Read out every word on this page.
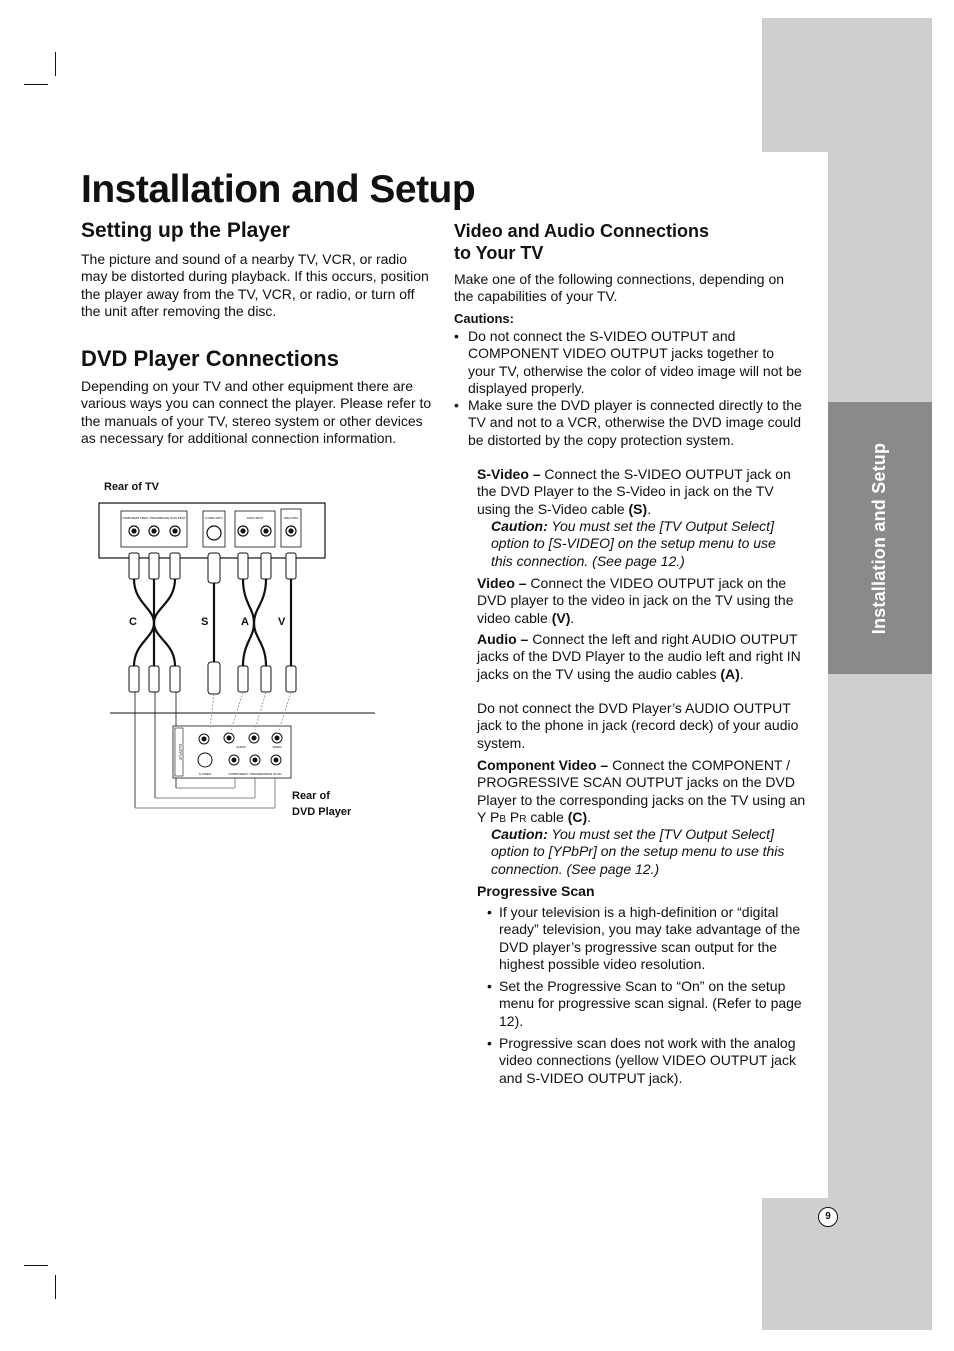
Installation and Setup
9
Installation and Setup
Setting up the Player

The picture and sound of a nearby TV, VCR, or radio may be distorted during playback. If this occurs, position the player away from the TV, VCR, or radio, or turn off the unit after removing the disc.

DVD Player Connections

Depending on your TV and other equipment there are various ways you can connect the player. Please refer to the manuals of your TV, stereo system or other devices as necessary for additional connection information.

Rear of TV
Rear of
DVD Player
C	S	A	V
COMPONENT VIDEO / PROGRESSIVE SCAN INPUT	S-VIDEO INPUT	AUDIO INPUT	VIDEO INPUT
OUTPUT
S-VIDEO
AUDIO	VIDEO
COMPONENT / PROGRESSIVE SCAN
Video and Audio Connections
to Your TV

Make one of the following connections, depending on the capabilities of your TV.

Cautions:
• Do not connect the S-VIDEO OUTPUT and COMPONENT VIDEO OUTPUT jacks together to your TV, otherwise the color of video image will not be displayed properly.
• Make sure the DVD player is connected directly to the TV and not to a VCR, otherwise the DVD image could be distorted by the copy protection system.
S-Video – Connect the S-VIDEO OUTPUT jack on the DVD Player to the S-Video in jack on the TV using the S-Video cable (S).
Caution: You must set the [TV Output Select] option to [S-VIDEO] on the setup menu to use this connection. (See page 12.)
Video – Connect the VIDEO OUTPUT jack on the DVD player to the video in jack on the TV using the video cable (V).
Audio – Connect the left and right AUDIO OUTPUT jacks of the DVD Player to the audio left and right IN jacks on the TV using the audio cables (A).
Do not connect the DVD Player’s AUDIO OUTPUT jack to the phone in jack (record deck) of your audio system.
Component Video – Connect the COMPONENT / PROGRESSIVE SCAN OUTPUT jacks on the DVD Player to the corresponding jacks on the TV using an Y PB PR cable (C).
Caution: You must set the [TV Output Select] option to [YPbPr] on the setup menu to use this connection. (See page 12.)
Progressive Scan
• If your television is a high-definition or “digital ready” television, you may take advantage of the DVD player’s progressive scan output for the highest possible video resolution.
• Set the Progressive Scan to “On” on the setup menu for progressive scan signal. (Refer to page 12).
• Progressive scan does not work with the analog video connections (yellow VIDEO OUTPUT jack and S-VIDEO OUTPUT jack).
